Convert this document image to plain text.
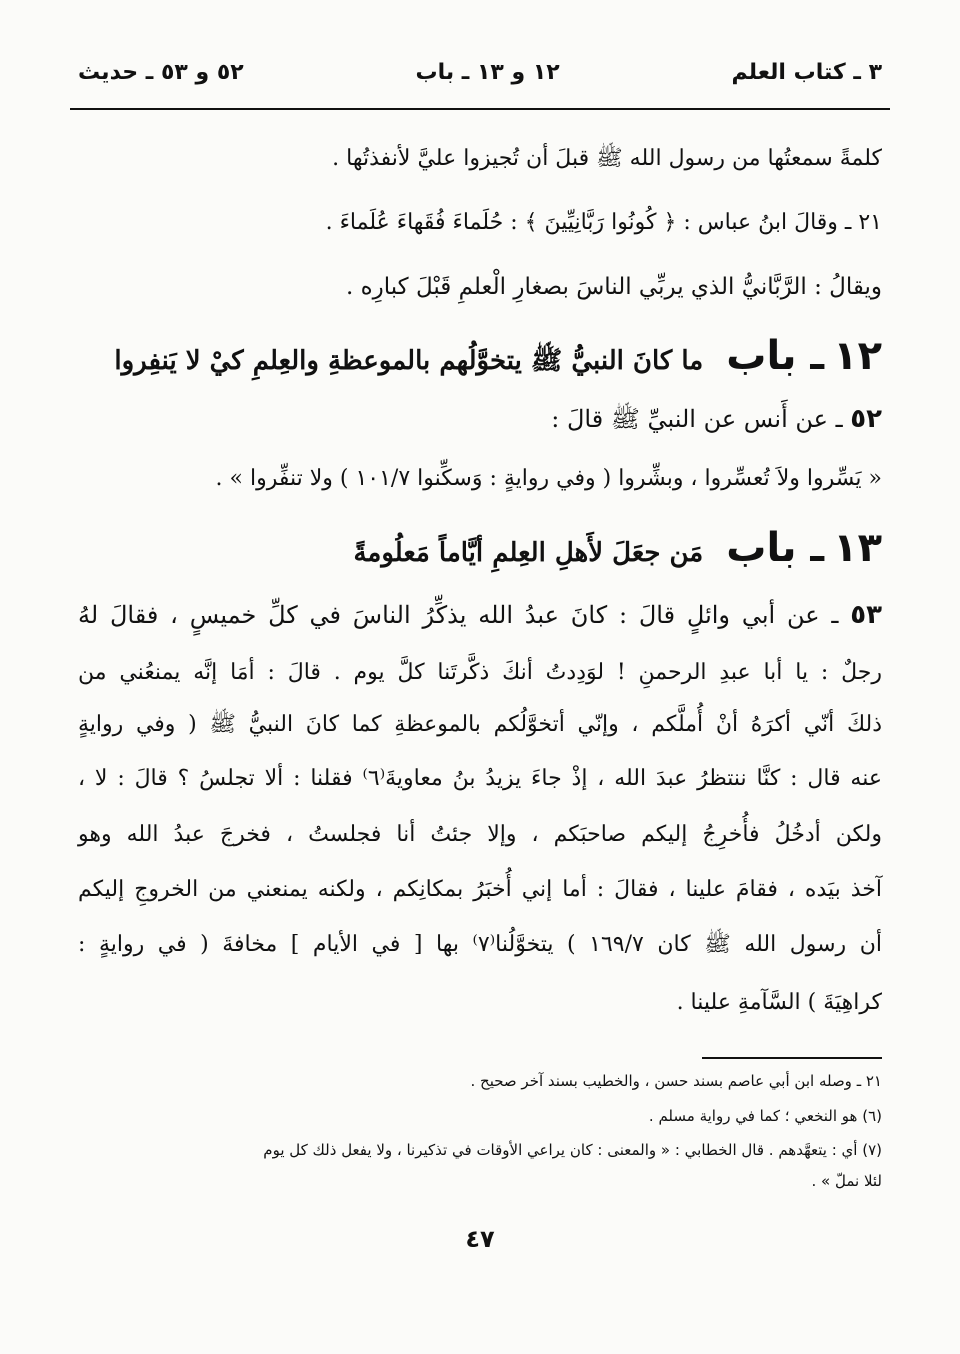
٣ ـ كتاب العلم
١٢ و ١٣ ـ باب
٥٢ و ٥٣ ـ حديث
كلمةً سمعتُها من رسول الله ﷺ قبلَ أن تُجيزوا عليَّ لأنفذتُها .
٢١ ـ وقالَ ابنُ عباس : ﴿ كُونُوا رَبَّانِيِّينَ ﴾ : حُلَماءَ فُقَهاءَ عُلَماءَ .
ويقالُ : الرَّبَّانيُّ الذي يربِّي الناسَ بصغارِ الْعلمِ قَبْلَ كبارِه .
١٢ ـ باب ما كانَ النبيُّ ﷺ يتخوَّلُهم بالموعظةِ والعِلمِ كيْ لا يَنفِروا
٥٢ ـ عن أَنس عن النبيِّ ﷺ قالَ :
« يَسِّروا ولاَ تُعسِّروا ، وبشِّروا ( وفي روايةٍ : وَسكِّنوا ١٠١/٧ ) ولا تنفِّروا » .
١٣ ـ باب مَن جعَلَ لأَهلِ العِلمِ أيَّاماً مَعلُومةً
٥٣ ـ عن أبي وائلٍ قالَ : كانَ عبدُ الله يذكِّرُ الناسَ في كلِّ خميسٍ ، فقالَ لهُ
رجلٌ : يا أبا عبدِ الرحمنِ ! لوَدِدتُ أنكَ ذكَّرتَنا كلَّ يوم . قالَ : أمَا إنَّه يمنعُني من
ذلكَ أنّي أكرَهُ أنْ أُملَّكم ، وإنّي أتخوَّلُكم بالموعظةِ كما كانَ النبيُّ ﷺ ( وفي روايةٍ
عنه قال : كنَّا ننتظرُ عبدَ الله ، إذْ جاءَ يزيدُ بنُ معاويةَ⁽٦⁾ فقلنا : ألا تجلسُ ؟ قالَ : لا ،
ولكن أدخُلُ فأُخرِجُ إليكم صاحبَكم ، وإلا جئتُ أنا فجلستُ ، فخرجَ عبدُ الله وهو
آخذ بيَده ، فقامَ علينا ، فقالَ : أما إني أُخبَرُ بمكانِكم ، ولكنه يمنعني من الخروجِ إليكم
أن رسول الله ﷺ كان ١٦٩/٧ ) يتخوَّلُنا⁽٧⁾ بها [ في الأيام ] مخافةَ ( في روايةٍ :
كراهِيَةَ ) السَّآمةِ علينا .
٢١ ـ وصله ابن أبي عاصم بسند حسن ، والخطيب بسند آخر صحيح .
(٦) هو النخعي ؛ كما في رواية مسلم .
(٧) أي : يتعهَّدهم . قال الخطابي : « والمعنى : كان يراعي الأوقات في تذكيرنا ، ولا يفعل ذلك كل يوم
لئلا نملّ » .
٤٧
